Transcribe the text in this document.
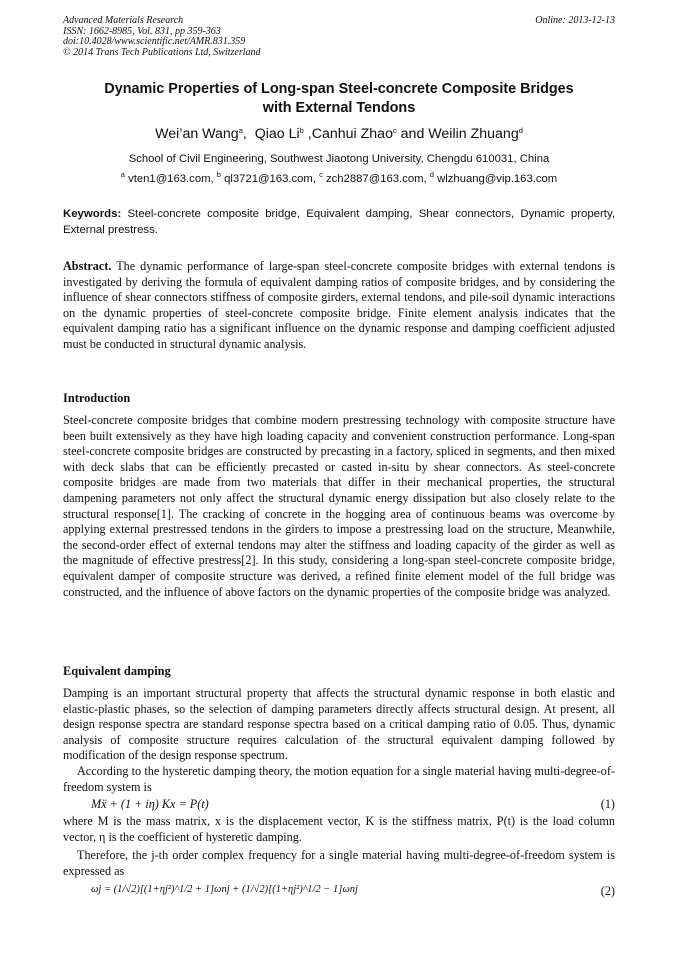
Advanced Materials Research
ISSN: 1662-8985, Vol. 831, pp 359-363
doi:10.4028/www.scientific.net/AMR.831.359
© 2014 Trans Tech Publications Ltd, Switzerland
Online: 2013-12-13
Dynamic Properties of Long-span Steel-concrete Composite Bridges
with External Tendons
Wei’an Wang$^a$,  Qiao Li$^b$ ,Canhui Zhao$^c$ and Weilin Zhuang$^d$
School of Civil Engineering, Southwest Jiaotong University, Chengdu 610031, China
$^a$ vten1@163.com, $^b$ ql3721@163.com, $^c$ zch2887@163.com, $^d$ wlzhuang@vip.163.com
Keywords: Steel-concrete composite bridge, Equivalent damping, Shear connectors, Dynamic property, External prestress.
Abstract. The dynamic performance of large-span steel-concrete composite bridges with external tendons is investigated by deriving the formula of equivalent damping ratios of composite bridges, and by considering the influence of shear connectors stiffness of composite girders, external tendons, and pile-soil dynamic interactions on the dynamic properties of steel-concrete composite bridge. Finite element analysis indicates that the equivalent damping ratio has a significant influence on the dynamic response and damping coefficient adjusted must be conducted in structural dynamic analysis.
Introduction
Steel-concrete composite bridges that combine modern prestressing technology with composite structure have been built extensively as they have high loading capacity and convenient construction performance. Long-span steel-concrete composite bridges are constructed by precasting in a factory, spliced in segments, and then mixed with deck slabs that can be efficiently precasted or casted in-situ by shear connectors. As steel-concrete composite bridges are made from two materials that differ in their mechanical properties, the structural dampening parameters not only affect the structural dynamic energy dissipation but also closely relate to the structural response[1]. The cracking of concrete in the hogging area of continuous beams was overcome by applying external prestressed tendons in the girders to impose a prestressing load on the structure, Meanwhile, the second-order effect of external tendons may alter the stiffness and loading capacity of the girder as well as the magnitude of effective prestress[2]. In this study, considering a long-span steel-concrete composite bridge, equivalent damper of composite structure was derived, a refined finite element model of the full bridge was constructed, and the influence of above factors on the dynamic properties of the composite bridge was analyzed.
Equivalent damping
Damping is an important structural property that affects the structural dynamic response in both elastic and elastic-plastic phases, so the selection of damping parameters directly affects structural design. At present, all design response spectra are standard response spectra based on a critical damping ratio of 0.05. Thus, dynamic analysis of composite structure requires calculation of the structural equivalent damping followed by modification of the design response spectrum.
According to the hysteretic damping theory, the motion equation for a single material having multi-degree-of-freedom system is
Mẍ + (1 + iη) Kx = P(t)	(1)
where M is the mass matrix, x is the displacement vector, K is the stiffness matrix, P(t) is the load column vector, η is the coefficient of hysteretic damping.
Therefore, the j-th order complex frequency for a single material having multi-degree-of-freedom system is expressed as
ωj = (1/√2)[(1+ηj²)^1/2 + 1]ωnj + (1/√2)[(1+ηj²)^1/2 − 1]ωnj	(2)
